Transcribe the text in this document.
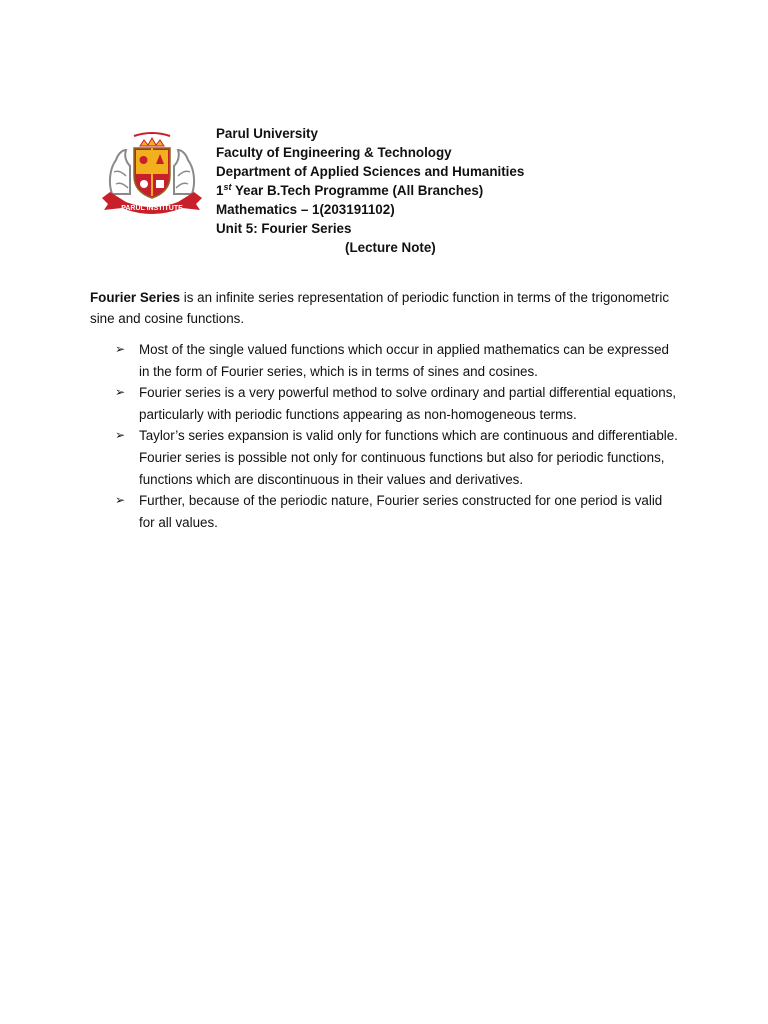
PARUL INSTITUTE
Parul University
Faculty of Engineering & Technology
Department of Applied Sciences and Humanities
1st Year B.Tech Programme (All Branches)
Mathematics – 1(203191102)
Unit 5: Fourier Series
(Lecture Note)

Fourier Series is an infinite series representation of periodic function in terms of the trigonometric sine and cosine functions.

➢ Most of the single valued functions which occur in applied mathematics can be expressed in the form of Fourier series, which is in terms of sines and cosines.
➢ Fourier series is a very powerful method to solve ordinary and partial differential equations, particularly with periodic functions appearing as non-homogeneous terms.
➢ Taylor’s series expansion is valid only for functions which are continuous and differentiable. Fourier series is possible not only for continuous functions but also for periodic functions, functions which are discontinuous in their values and derivatives.
➢ Further, because of the periodic nature, Fourier series constructed for one period is valid for all values.
